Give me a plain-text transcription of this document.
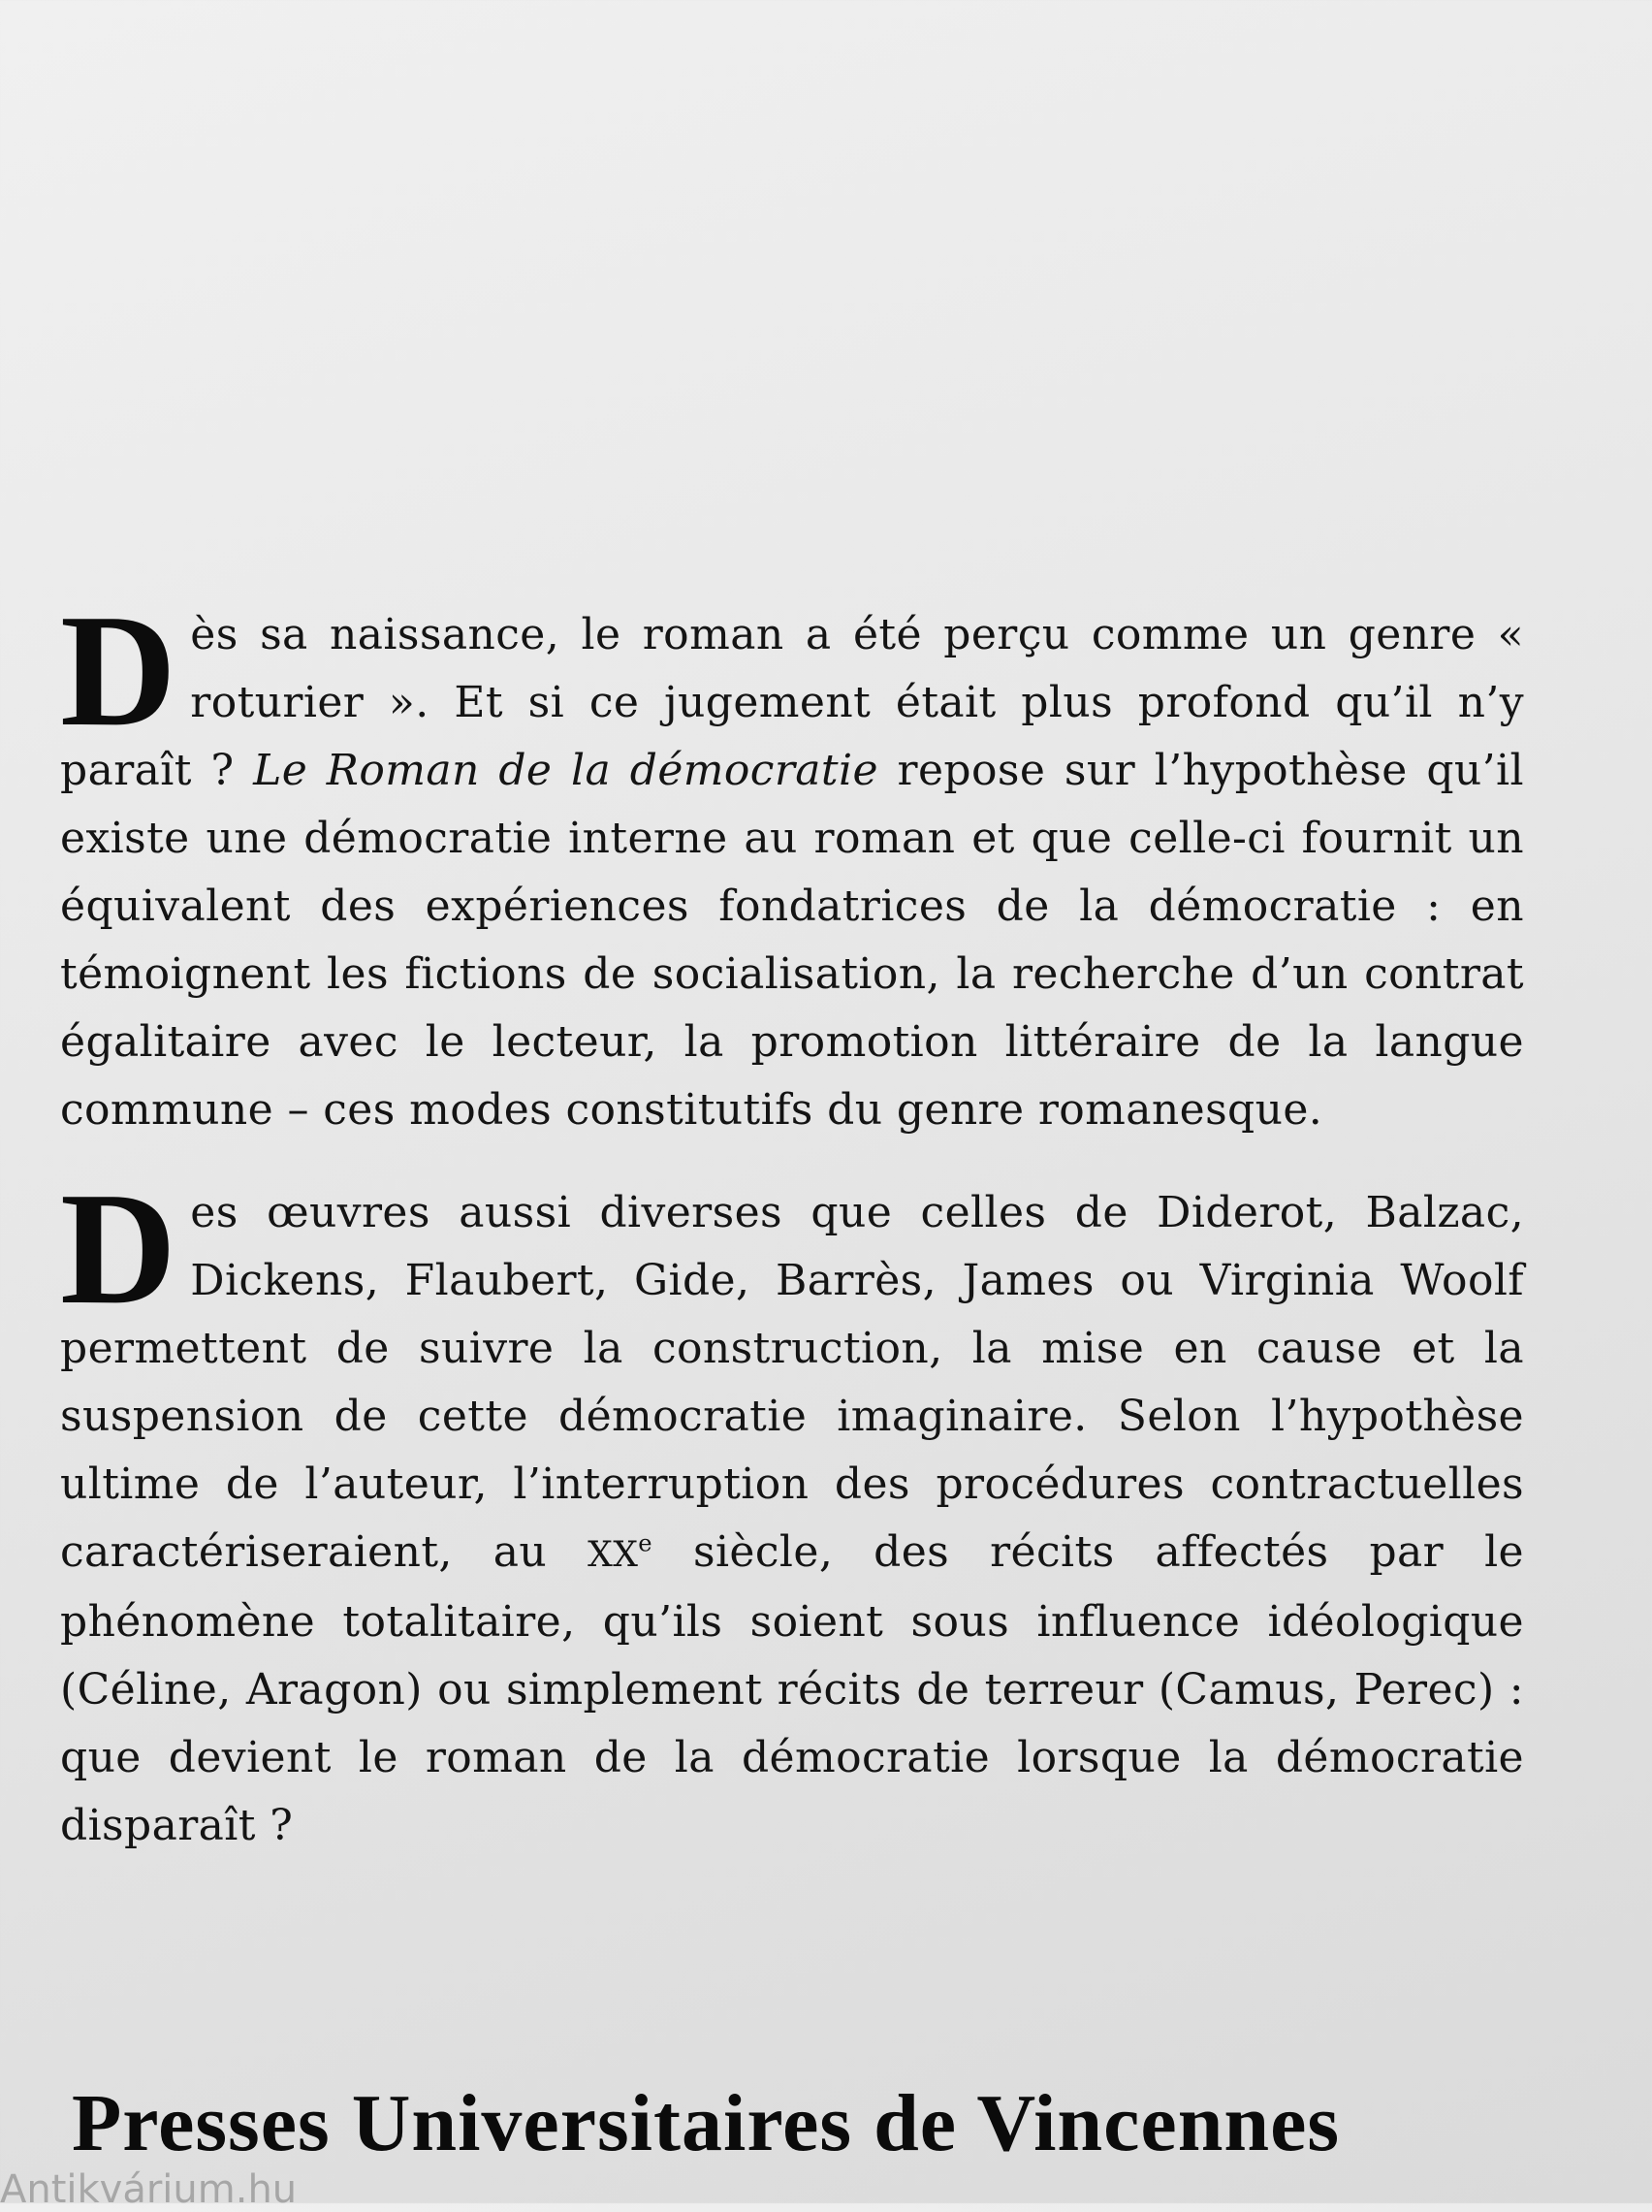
Dès sa naissance, le roman a été perçu comme un genre « roturier ». Et si ce jugement était plus profond qu’il n’y paraît ? Le Roman de la démocratie repose sur l’hypothèse qu’il existe une démocratie interne au roman et que celle-ci fournit un équivalent des expériences fondatrices de la démocratie : en témoignent les fictions de socialisation, la recherche d’un contrat égalitaire avec le lecteur, la promotion littéraire de la langue commune – ces modes constitutifs du genre romanesque.

Des œuvres aussi diverses que celles de Diderot, Balzac, Dickens, Flaubert, Gide, Barrès, James ou Virginia Woolf permettent de suivre la construction, la mise en cause et la suspension de cette démocratie imaginaire. Selon l’hypothèse ultime de l’auteur, l’interruption des procédures contractuelles caractériseraient, au XXe siècle, des récits affectés par le phénomène totalitaire, qu’ils soient sous influence idéologique (Céline, Aragon) ou simplement récits de terreur (Camus, Perec) : que devient le roman de la démocratie lorsque la démocratie disparaît ?

Presses Universitaires de Vincennes

Antikvárium.hu
